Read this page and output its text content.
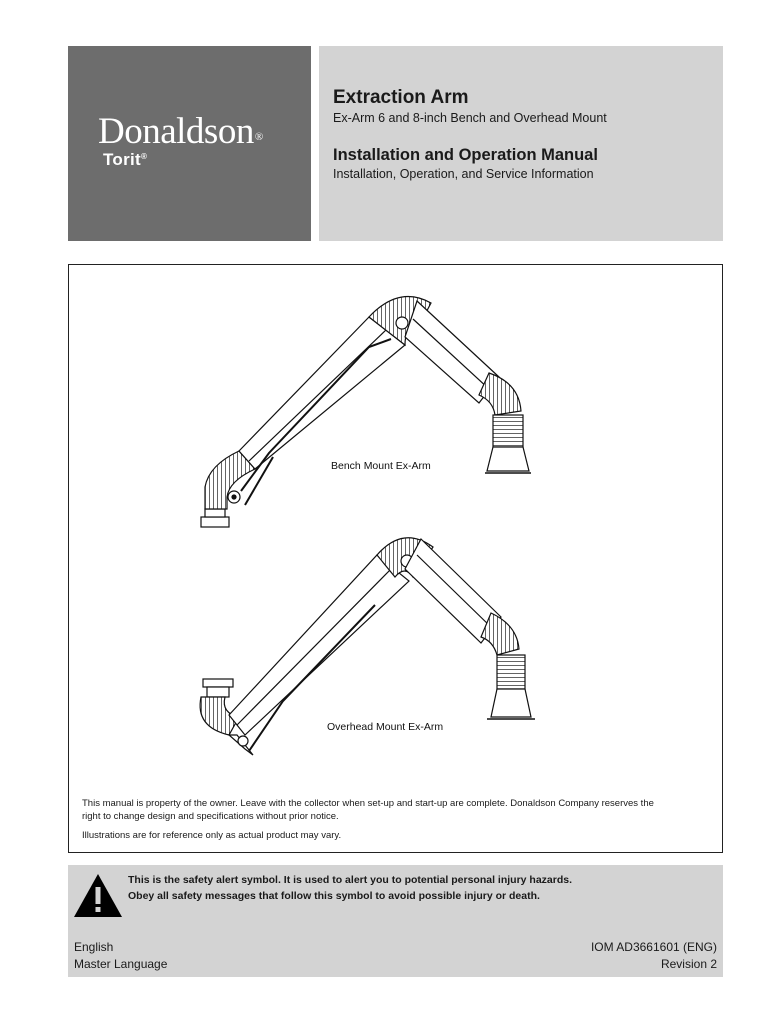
Donaldson®
Torit®
Extraction Arm
Ex-Arm 6 and 8-inch Bench and Overhead Mount
Installation and Operation Manual
Installation, Operation, and Service Information
Bench Mount Ex-Arm
Overhead Mount Ex-Arm
This manual is property of the owner. Leave with the collector when set-up and start-up are complete. Donaldson Company reserves the
right to change design and specifications without prior notice.
Illustrations are for reference only as actual product may vary.
This is the safety alert symbol. It is used to alert you to potential personal injury hazards.
Obey all safety messages that follow this symbol to avoid possible injury or death.
English
Master Language
IOM AD3661601 (ENG)
Revision 2
